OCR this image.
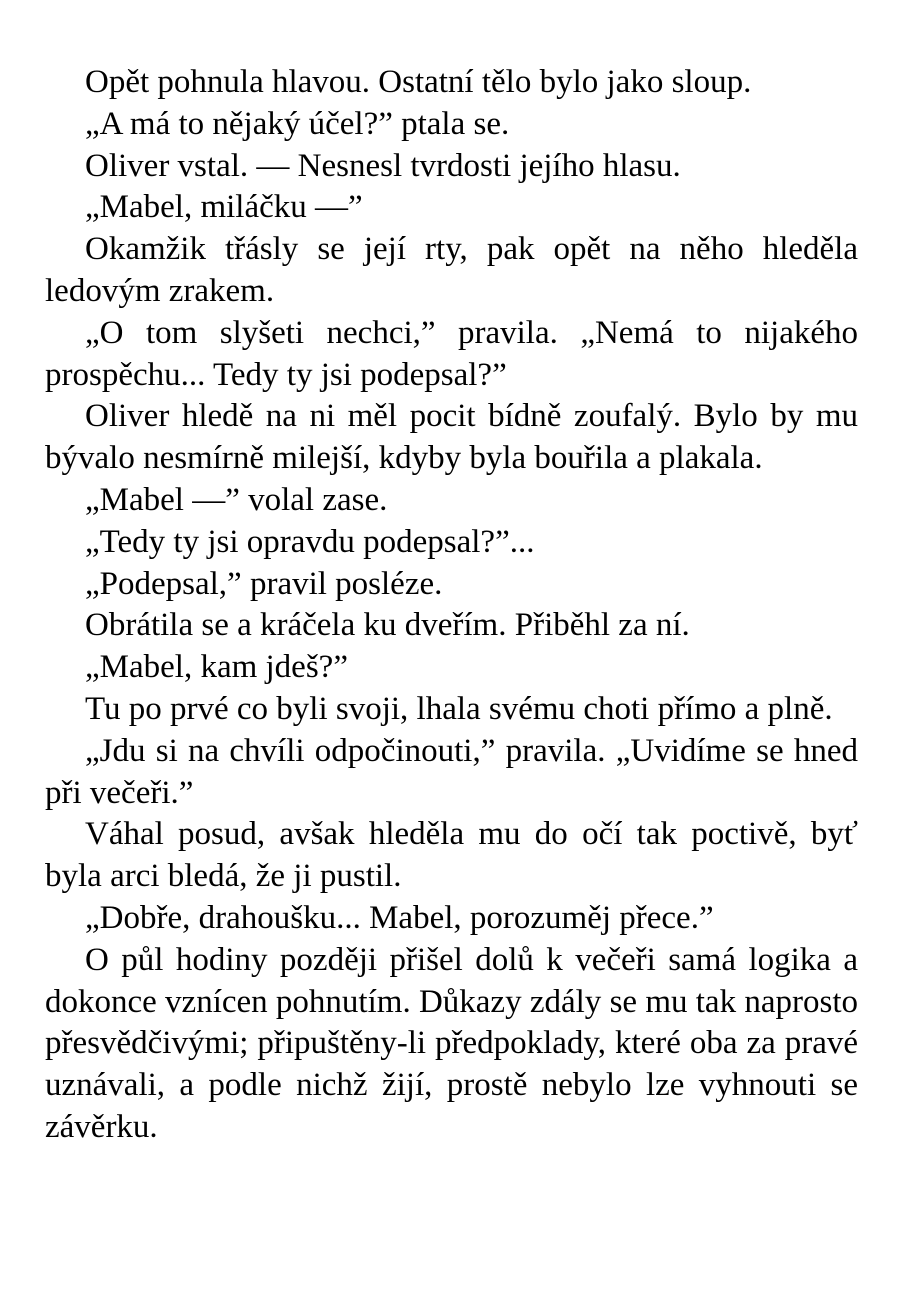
Opět pohnula hlavou. Ostatní tělo bylo jako sloup.

„A má to nějaký účel?” ptala se.

Oliver vstal. — Nesnesl tvrdosti jejího hlasu.

„Mabel, miláčku —”

Okamžik třásly se její rty, pak opět na něho hleděla ledovým zrakem.

„O tom slyšeti nechci,” pravila. „Nemá to nijakého prospěchu... Tedy ty jsi podepsal?”

Oliver hledě na ni měl pocit bídně zoufalý. Bylo by mu bývalo nesmírně milejší, kdyby byla bouřila a plakala.

„Mabel —” volal zase.

„Tedy ty jsi opravdu podepsal?”...

„Podepsal,” pravil posléze.

Obrátila se a kráčela ku dveřím. Přiběhl za ní.

„Mabel, kam jdeš?”

Tu po prvé co byli svoji, lhala svému choti přímo a plně.

„Jdu si na chvíli odpočinouti,” pravila. „Uvidíme se hned při večeři.”

Váhal posud, avšak hleděla mu do očí tak poctivě, byť byla arci bledá, že ji pustil.

„Dobře, drahoušku... Mabel, porozuměj přece.”

O půl hodiny později přišel dolů k večeři samá logika a dokonce vznícen pohnutím. Důkazy zdály se mu tak naprosto přesvědčivými; připuštěny-li předpoklady, které oba za pravé uznávali, a podle nichž žijí, prostě nebylo lze vyhnouti se závěrku.
